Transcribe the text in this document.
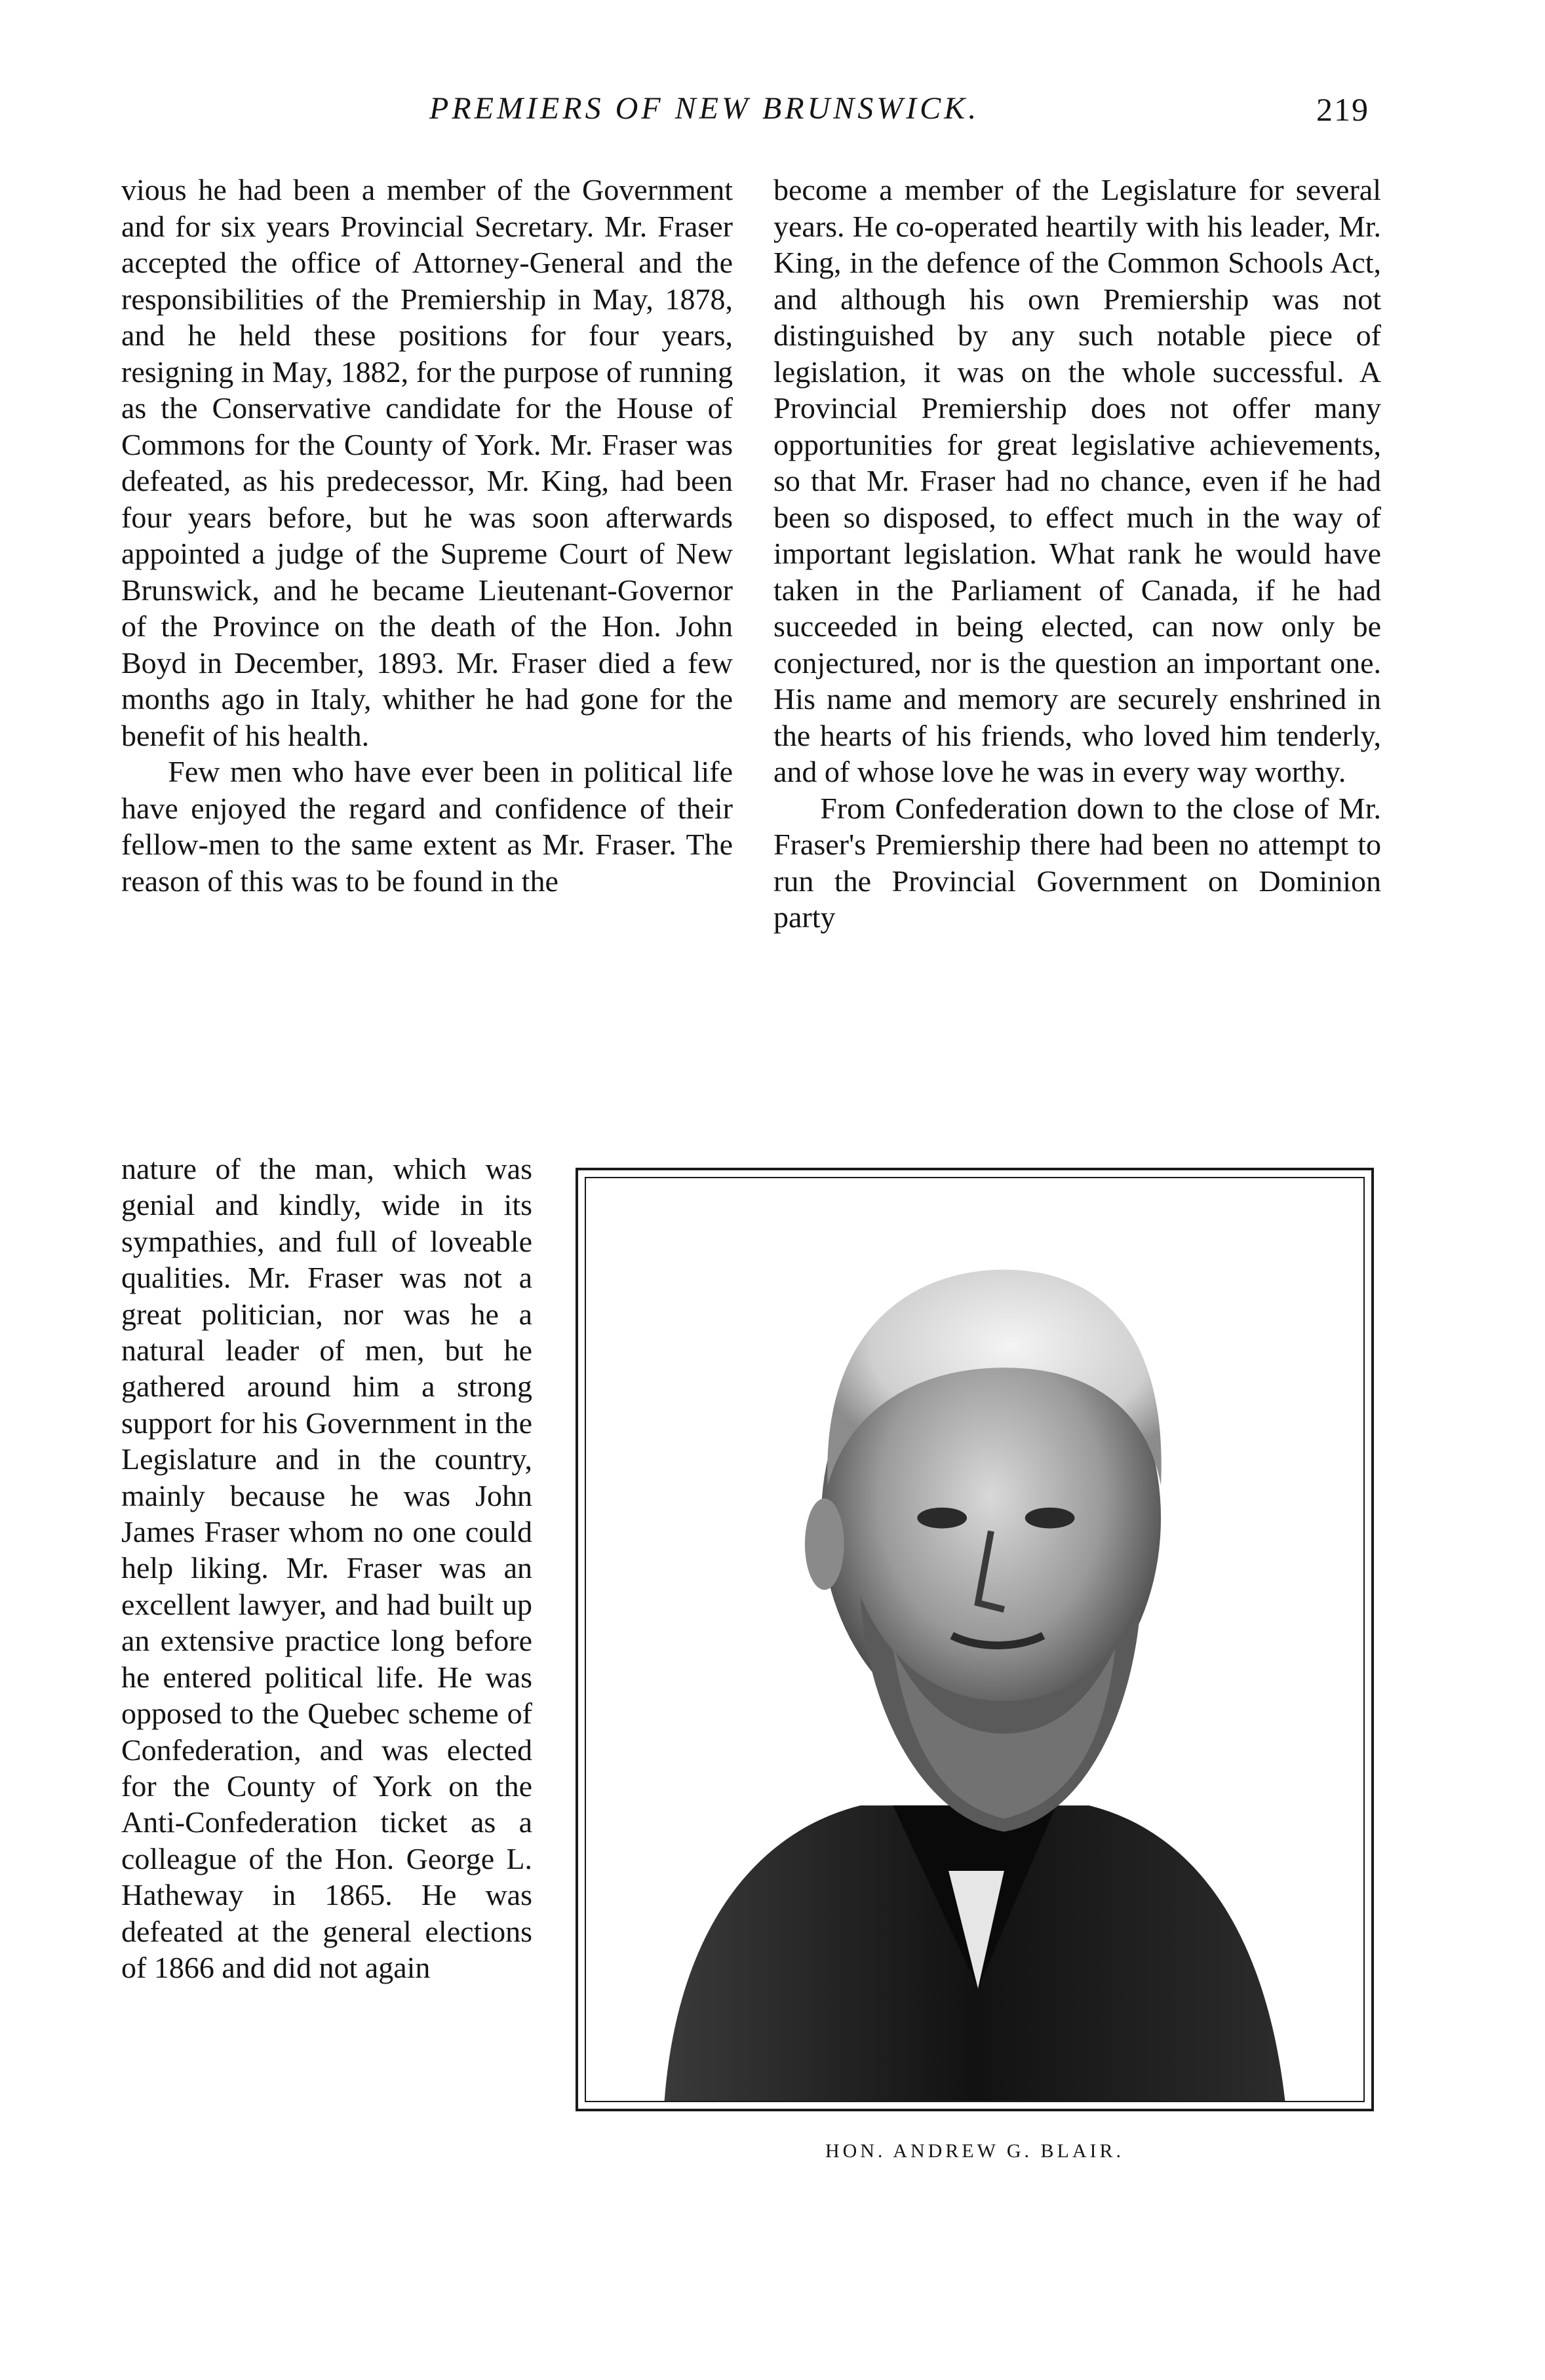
PREMIERS OF NEW BRUNSWICK.	219

vious he had been a member of the Government and for six years Provincial Secretary. Mr. Fraser accepted the office of Attorney-General and the responsibilities of the Premiership in May, 1878, and he held these positions for four years, resigning in May, 1882, for the purpose of running as the Conservative candidate for the House of Commons for the County of York. Mr. Fraser was defeated, as his predecessor, Mr. King, had been four years before, but he was soon afterwards appointed a judge of the Supreme Court of New Brunswick, and he became Lieutenant-Governor of the Province on the death of the Hon. John Boyd in December, 1893. Mr. Fraser died a few months ago in Italy, whither he had gone for the benefit of his health.

Few men who have ever been in political life have enjoyed the regard and confidence of their fellow-men to the same extent as Mr. Fraser. The reason of this was to be found in the

nature of the man, which was genial and kindly, wide in its sympathies, and full of loveable qualities. Mr. Fraser was not a great politician, nor was he a natural leader of men, but he gathered around him a strong support for his Government in the Legislature and in the country, mainly because he was John James Fraser whom no one could help liking. Mr. Fraser was an excellent lawyer, and had built up an extensive practice long before he entered political life. He was opposed to the Quebec scheme of Confederation, and was elected for the County of York on the Anti-Confederation ticket as a colleague of the Hon. George L. Hatheway in 1865. He was defeated at the general elections of 1866 and did not again

become a member of the Legislature for several years. He co-operated heartily with his leader, Mr. King, in the defence of the Common Schools Act, and although his own Premiership was not distinguished by any such notable piece of legislation, it was on the whole successful. A Provincial Premiership does not offer many opportunities for great legislative achievements, so that Mr. Fraser had no chance, even if he had been so disposed, to effect much in the way of important legislation. What rank he would have taken in the Parliament of Canada, if he had succeeded in being elected, can now only be conjectured, nor is the question an important one. His name and memory are securely enshrined in the hearts of his friends, who loved him tenderly, and of whose love he was in every way worthy.

From Confederation down to the close of Mr. Fraser's Premiership there had been no attempt to run the Provincial Government on Dominion party

HON. ANDREW G. BLAIR.
